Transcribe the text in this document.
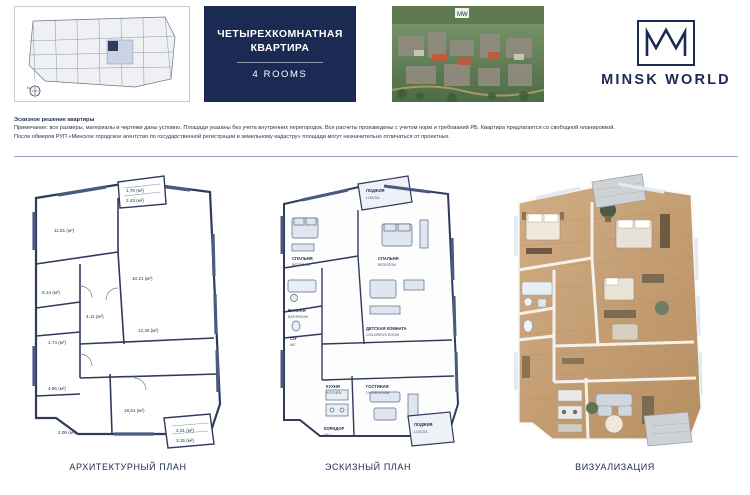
N
ЧЕТЫРЕХКОМНАТНАЯ
КВАРТИРА
4 ROOMS
МW
MINSK WORLD
Эскизное решение квартиры
Примечание: все размеры, материалы и чертежи даны условно. Площади указаны без учета внутренних перегородок. Все расчеты произведены с учетом норм и требований РБ. Квартира предлагается со свободной планировкой.
После обмеров РУП «Минское городское агентство по государственной регистрации и земельному кадастру» площади могут незначительно отличаться от проектных.
11,81 (м²)
10,21 (м²)
6,14 (м²)
4,11 (м²)
1,74 (м²)
12,36 (м²)
4,86 (м²)
18,61 (м²)
2,08 (м²)
1,70 (м²)
2,43 (м²)
2,21 (м²)
3,15 (м²)
ЛОДЖИЯ
LOGGIA
СПАЛЬНЯ
BEDROOM
СПАЛЬНЯ
BEDROOM
ВАННАЯ
BATHROOM
С/У
WC
ДЕТСКАЯ КОМНАТА
CHILDREN'S ROOM
КУХНЯ
KITCHEN
ГОСТИНАЯ
LIVING ROOM
КОРИДОР
HALL
ЛОДЖИЯ
LOGGIA
АРХИТЕКТУРНЫЙ ПЛАН	ЭСКИЗНЫЙ ПЛАН	ВИЗУАЛИЗАЦИЯ
